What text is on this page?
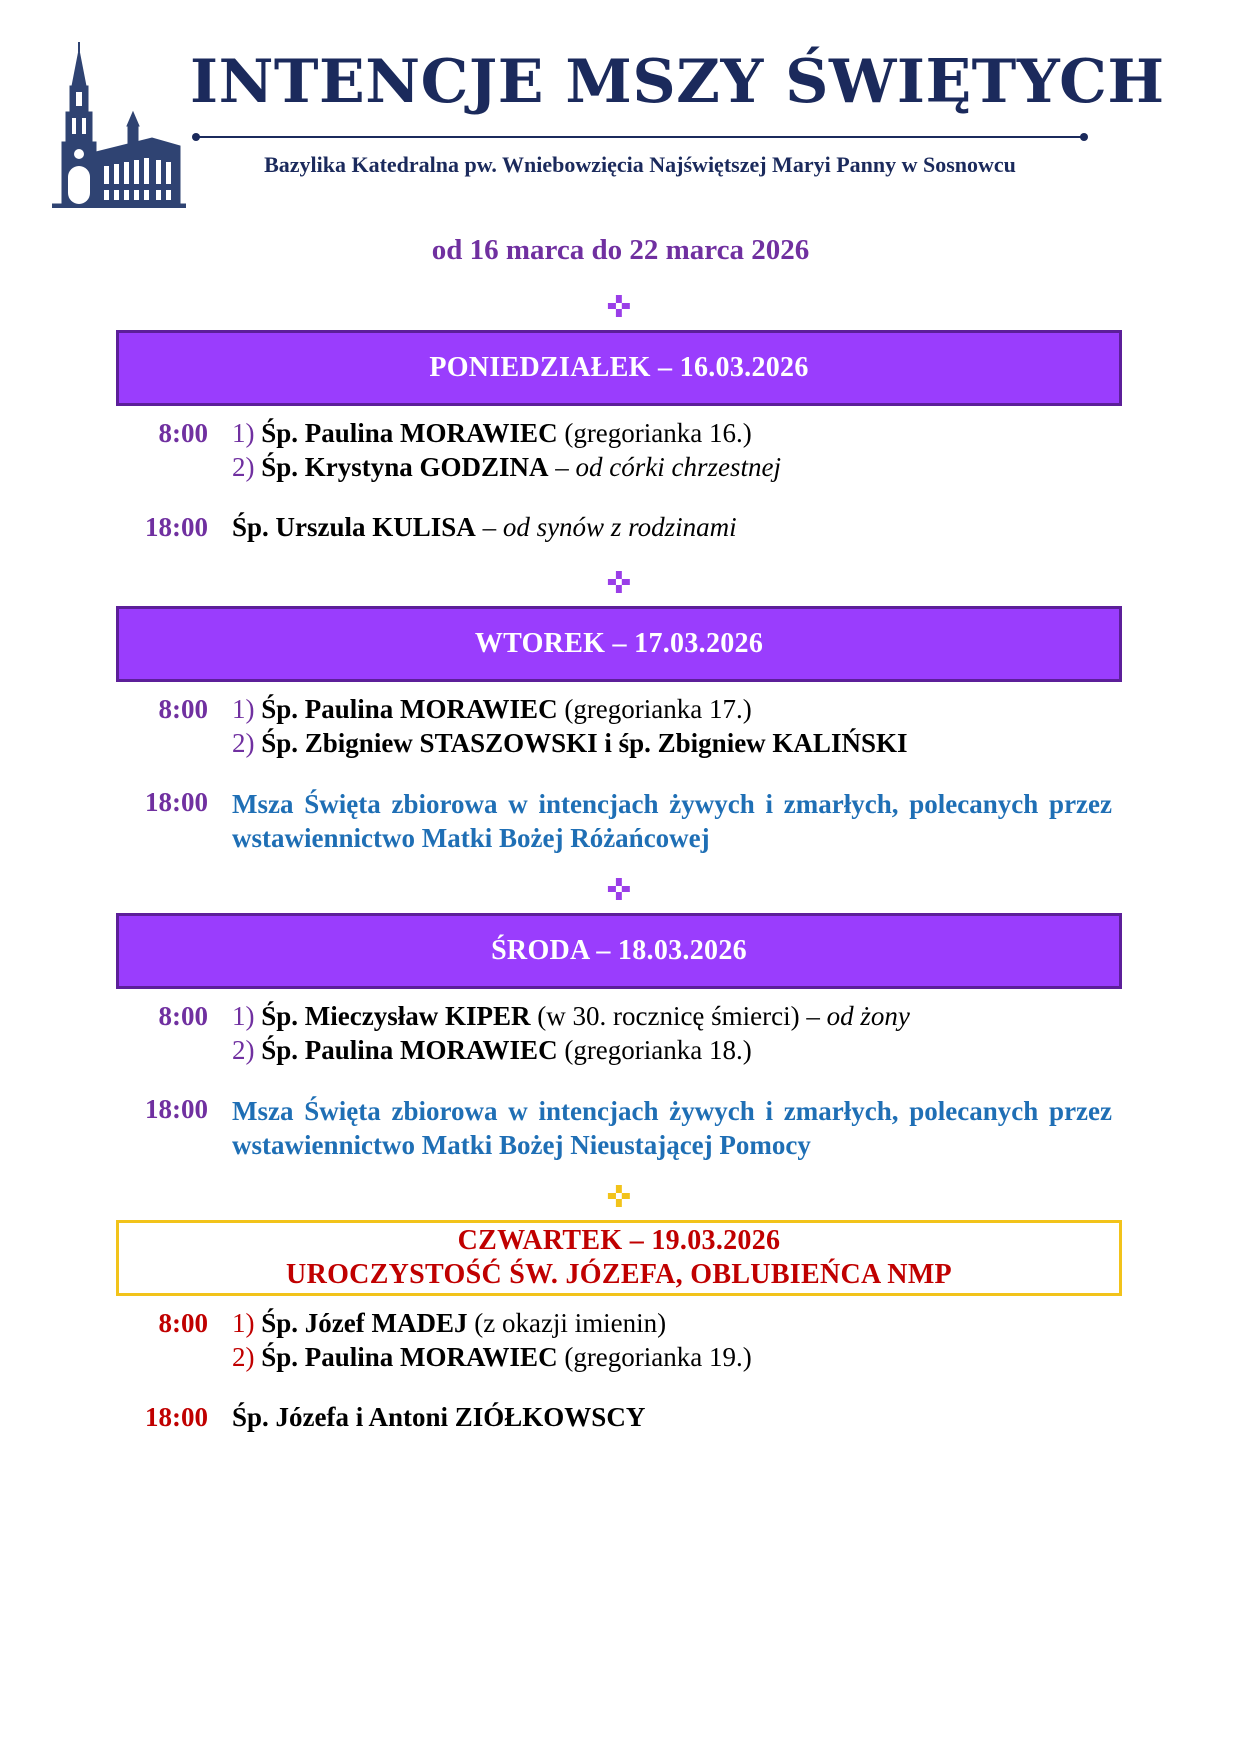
INTENCJE MSZY ŚWIĘTYCH
Bazylika Katedralna pw. Wniebowzięcia Najświętszej Maryi Panny w Sosnowcu
od 16 marca do 22 marca 2026
✜
PONIEDZIAŁEK – 16.03.2026
8:00 1) Śp. Paulina MORAWIEC (gregorianka 16.)
2) Śp. Krystyna GODZINA – od córki chrzestnej
18:00 Śp. Urszula KULISA – od synów z rodzinami
✜
WTOREK – 17.03.2026
8:00 1) Śp. Paulina MORAWIEC (gregorianka 17.)
2) Śp. Zbigniew STASZOWSKI i śp. Zbigniew KALIŃSKI
18:00 Msza Święta zbiorowa w intencjach żywych i zmarłych, polecanych przez wstawiennictwo Matki Bożej Różańcowej
✜
ŚRODA – 18.03.2026
8:00 1) Śp. Mieczysław KIPER (w 30. rocznicę śmierci) – od żony
2) Śp. Paulina MORAWIEC (gregorianka 18.)
18:00 Msza Święta zbiorowa w intencjach żywych i zmarłych, polecanych przez wstawiennictwo Matki Bożej Nieustającej Pomocy
✜
CZWARTEK – 19.03.2026
UROCZYSTOŚĆ ŚW. JÓZEFA, OBLUBIEŃCA NMP
8:00 1) Śp. Józef MADEJ (z okazji imienin)
2) Śp. Paulina MORAWIEC (gregorianka 19.)
18:00 Śp. Józefa i Antoni ZIÓŁKOWSCY
